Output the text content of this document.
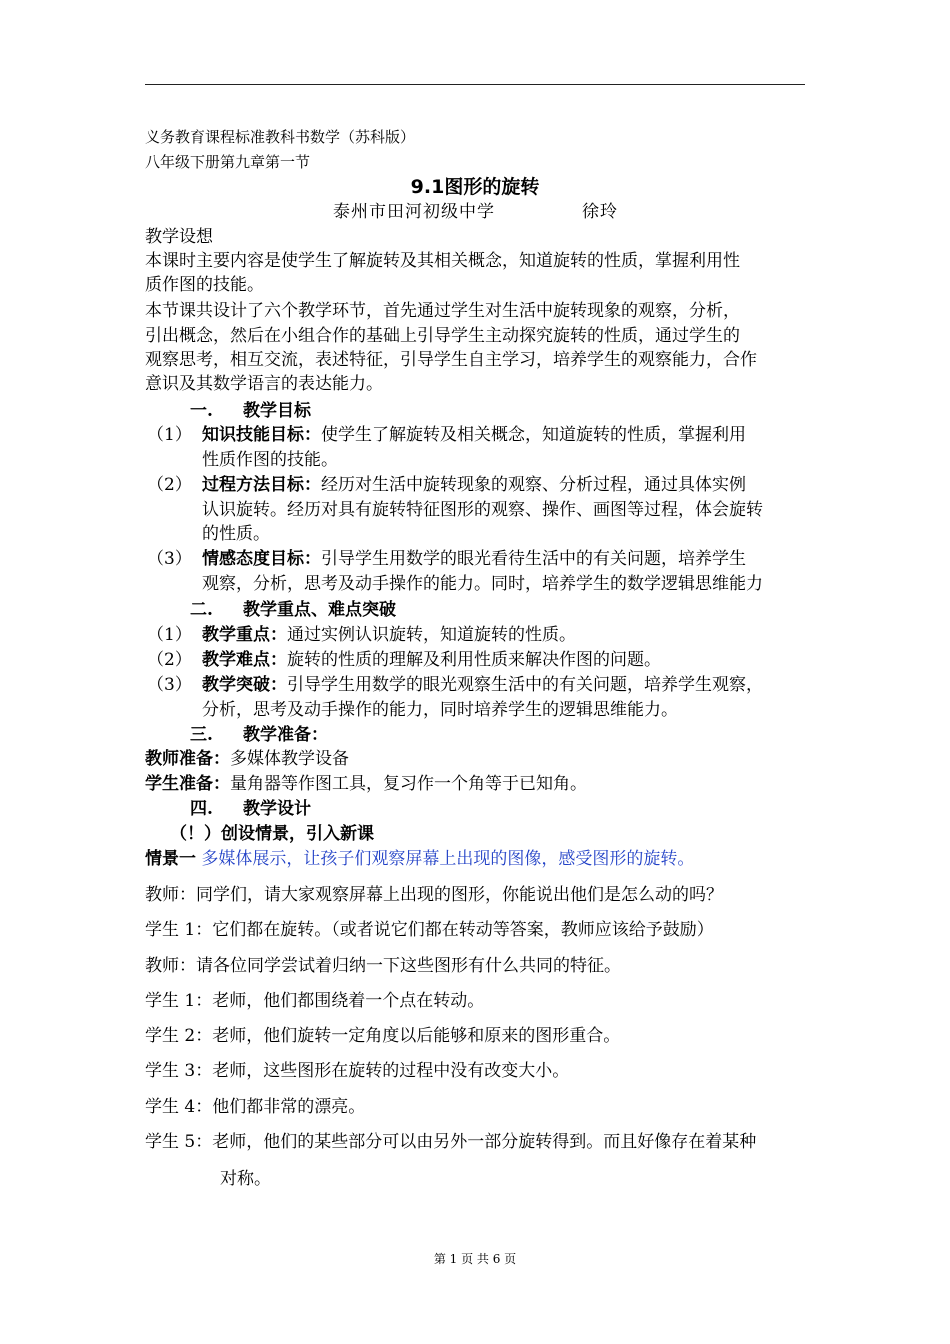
义务教育课程标准教科书数学（苏科版）
八年级下册第九章第一节
9.1图形的旋转
泰州市田河初级中学	徐玲
教学设想
本课时主要内容是使学生了解旋转及其相关概念，知道旋转的性质，掌握利用性
质作图的技能。
本节课共设计了六个教学环节，首先通过学生对生活中旋转现象的观察，分析，
引出概念，然后在小组合作的基础上引导学生主动探究旋转的性质，通过学生的
观察思考，相互交流，表述特征，引导学生自主学习，培养学生的观察能力，合作
意识及其数学语言的表达能力。
一. 教学目标
（1） 知识技能目标：使学生了解旋转及相关概念，知道旋转的性质，掌握利用
性质作图的技能。
（2） 过程方法目标：经历对生活中旋转现象的观察、分析过程，通过具体实例
认识旋转。经历对具有旋转特征图形的观察、操作、画图等过程，体会旋转
的性质。
（3） 情感态度目标：引导学生用数学的眼光看待生活中的有关问题，培养学生
观察，分析，思考及动手操作的能力。同时，培养学生的数学逻辑思维能力
二. 教学重点、难点突破
（1） 教学重点：通过实例认识旋转，知道旋转的性质。
（2） 教学难点：旋转的性质的理解及利用性质来解决作图的问题。
（3） 教学突破：引导学生用数学的眼光观察生活中的有关问题，培养学生观察，
分析，思考及动手操作的能力，同时培养学生的逻辑思维能力。
三. 教学准备：
教师准备：多媒体教学设备
学生准备：量角器等作图工具，复习作一个角等于已知角。
四. 教学设计
（！）创设情景，引入新课
情景一 多媒体展示，让孩子们观察屏幕上出现的图像，感受图形的旋转。
教师：同学们，请大家观察屏幕上出现的图形，你能说出他们是怎么动的吗？
学生 1：它们都在旋转。（或者说它们都在转动等答案，教师应该给予鼓励）
教师：请各位同学尝试着归纳一下这些图形有什么共同的特征。
学生 1：老师，他们都围绕着一个点在转动。
学生 2：老师，他们旋转一定角度以后能够和原来的图形重合。
学生 3：老师，这些图形在旋转的过程中没有改变大小。
学生 4：他们都非常的漂亮。
学生 5：老师，他们的某些部分可以由另外一部分旋转得到。而且好像存在着某种
对称。
第 1 页 共 6 页
